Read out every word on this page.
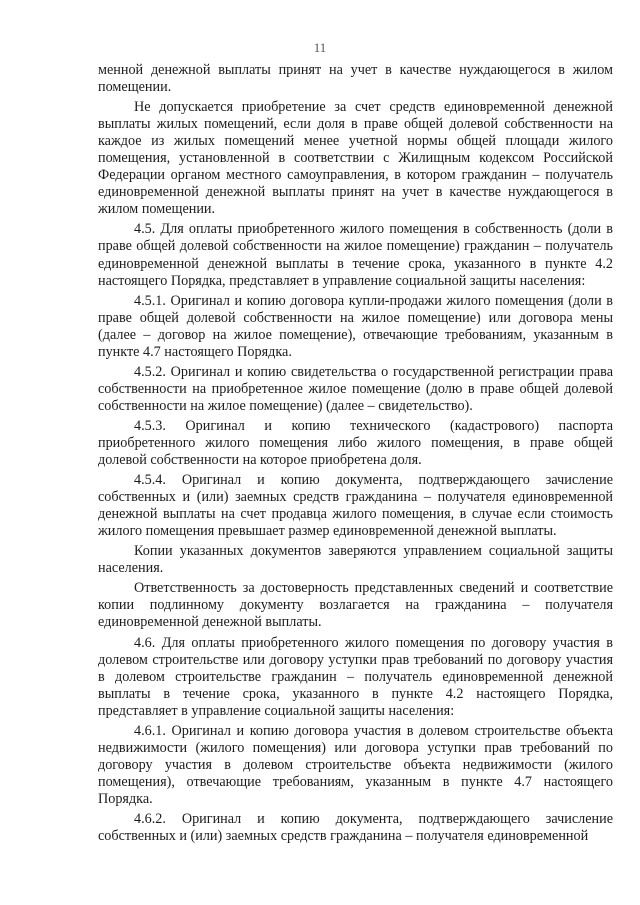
11

менной денежной выплаты принят на учет в качестве нуждающегося в жилом помещении.

Не допускается приобретение за счет средств единовременной денежной выплаты жилых помещений, если доля в праве общей долевой собственности на каждое из жилых помещений менее учетной нормы общей площади жилого помещения, установленной в соответствии с Жилищным кодексом Российской Федерации органом местного самоуправления, в котором гражданин – получатель единовременной денежной выплаты принят на учет в качестве нуждающегося в жилом помещении.

4.5. Для оплаты приобретенного жилого помещения в собственность (доли в праве общей долевой собственности на жилое помещение) гражданин – получатель единовременной денежной выплаты в течение срока, указанного в пункте 4.2 настоящего Порядка, представляет в управление социальной защиты населения:

4.5.1. Оригинал и копию договора купли-продажи жилого помещения (доли в праве общей долевой собственности на жилое помещение) или договора мены (далее – договор на жилое помещение), отвечающие требованиям, указанным в пункте 4.7 настоящего Порядка.

4.5.2. Оригинал и копию свидетельства о государственной регистрации права собственности на приобретенное жилое помещение (долю в праве общей долевой собственности на жилое помещение) (далее – свидетельство).

4.5.3. Оригинал и копию технического (кадастрового) паспорта приобретенного жилого помещения либо жилого помещения, в праве общей долевой собственности на которое приобретена доля.

4.5.4. Оригинал и копию документа, подтверждающего зачисление собственных и (или) заемных средств гражданина – получателя единовременной денежной выплаты на счет продавца жилого помещения, в случае если стоимость жилого помещения превышает размер единовременной денежной выплаты.

Копии указанных документов заверяются управлением социальной защиты населения.

Ответственность за достоверность представленных сведений и соответствие копии подлинному документу возлагается на гражданина – получателя единовременной денежной выплаты.

4.6. Для оплаты приобретенного жилого помещения по договору участия в долевом строительстве или договору уступки прав требований по договору участия в долевом строительстве гражданин – получатель единовременной денежной выплаты в течение срока, указанного в пункте 4.2 настоящего Порядка, представляет в управление социальной защиты населения:

4.6.1. Оригинал и копию договора участия в долевом строительстве объекта недвижимости (жилого помещения) или договора уступки прав требований по договору участия в долевом строительстве объекта недвижимости (жилого помещения), отвечающие требованиям, указанным в пункте 4.7 настоящего Порядка.

4.6.2. Оригинал и копию документа, подтверждающего зачисление собственных и (или) заемных средств гражданина – получателя единовременной
